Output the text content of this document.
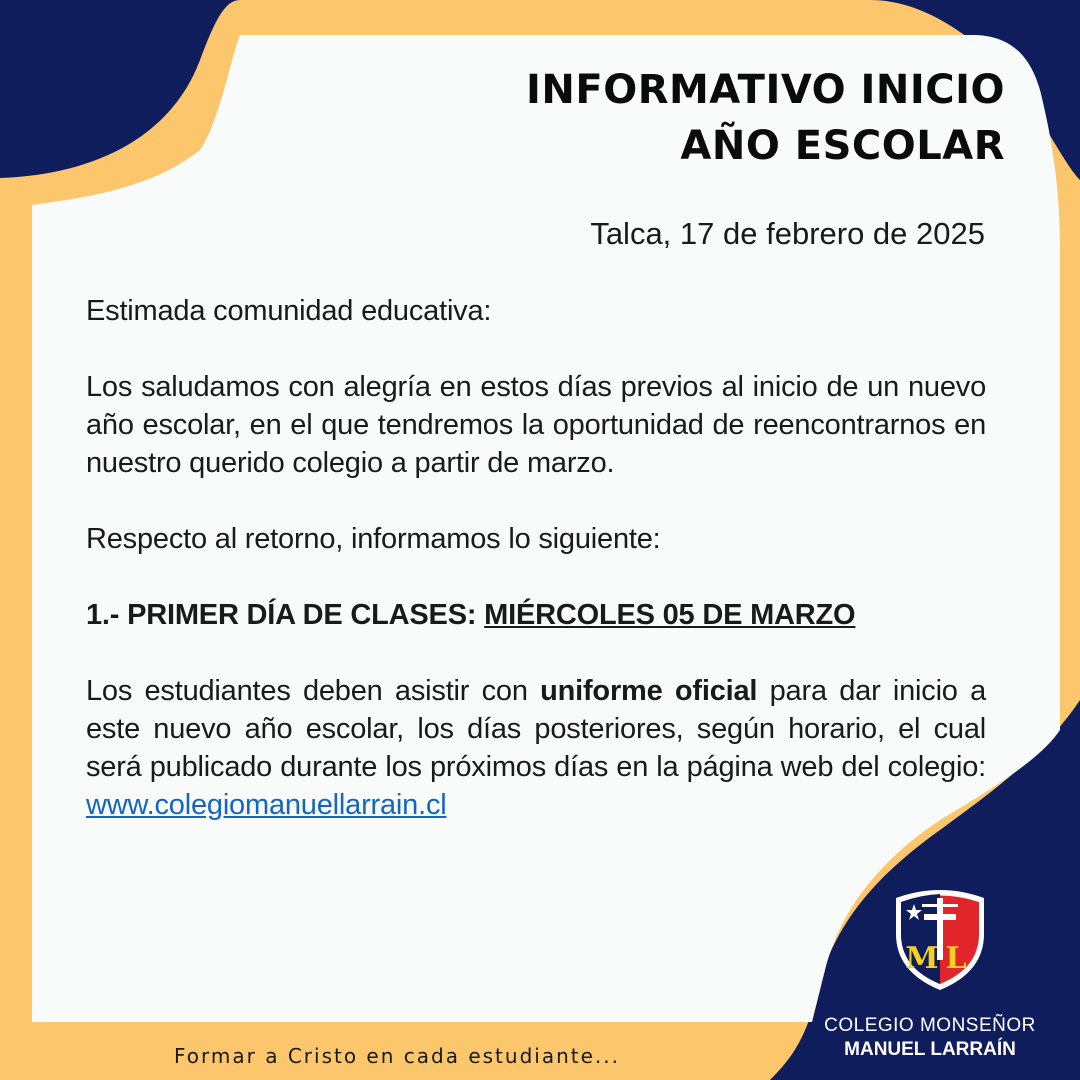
INFORMATIVO INICIO
AÑO ESCOLAR
Talca, 17 de febrero de 2025

Estimada comunidad educativa:

Los saludamos con alegría en estos días previos al inicio de un nuevo año escolar, en el que tendremos la oportunidad de reencontrarnos en nuestro querido colegio a partir de marzo.

Respecto al retorno, informamos lo siguiente:

1.- PRIMER DÍA DE CLASES: MIÉRCOLES 05 DE MARZO

Los estudiantes deben asistir con uniforme oficial para dar inicio a este nuevo año escolar, los días posteriores, según horario, el cual será publicado durante los próximos días en la página web del colegio: www.colegiomanuellarrain.cl

M L
COLEGIO MONSEÑOR
MANUEL LARRAÍN
Formar a Cristo en cada estudiante...
